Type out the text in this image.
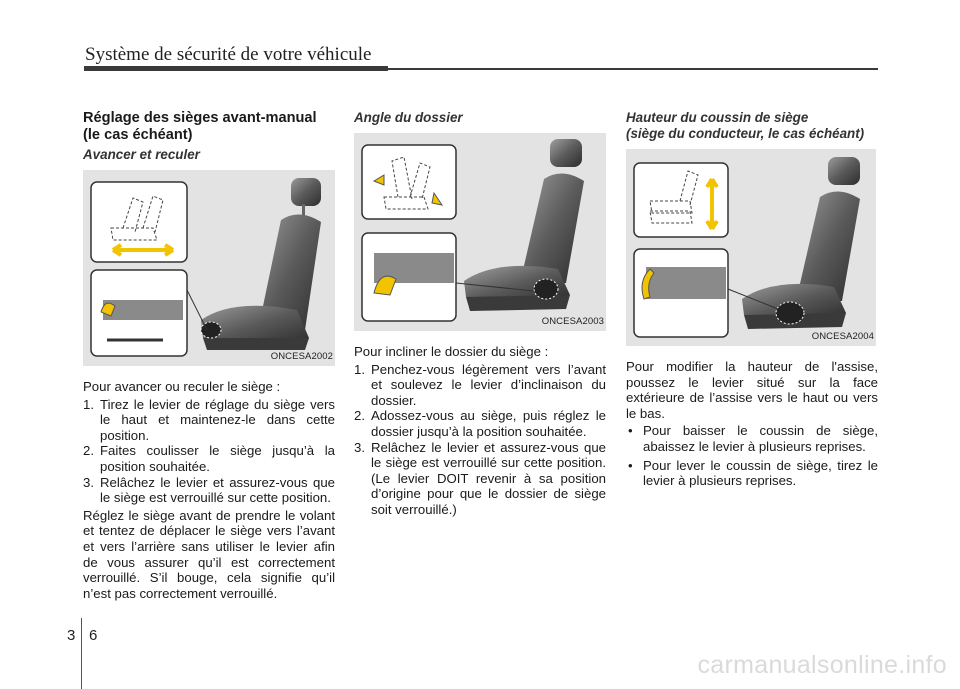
Système de sécurité de votre véhicule
Réglage des sièges avant-manual (le cas échéant)
Avancer et reculer
ONCESA2002

Pour avancer ou reculer le siège :

1. Tirez le levier de réglage du siège vers le haut et maintenez-le dans cette position.
2. Faites coulisser le siège jusqu’à la position souhaitée.
3. Relâchez le levier et assurez-vous que le siège est verrouillé sur cette position.

Réglez le siège avant de prendre le volant et tentez de déplacer le siège vers l’avant et vers l’arrière sans utiliser le levier afin de vous assurer qu’il est correctement verrouillé. S’il bouge, cela signifie qu’il n’est pas correctement verrouillé.

Angle du dossier
ONCESA2003

Pour incliner le dossier du siège :

1. Penchez-vous légèrement vers l’avant et soulevez le levier d’inclinaison du dossier.
2. Adossez-vous au siège, puis réglez le dossier jusqu’à la position souhaitée.
3. Relâchez le levier et assurez-vous que le siège est verrouillé sur cette position. (Le levier DOIT revenir à sa position d’origine pour que le dossier de siège soit verrouillé.)
Hauteur du coussin de siège
(siège du conducteur, le cas échéant)
ONCESA2004

Pour modifier la hauteur de l'assise, poussez le levier situé sur la face extérieure de l’assise vers le haut ou vers le bas.

• Pour baisser le coussin de siège, abaissez le levier à plusieurs reprises.
• Pour lever le coussin de siège, tirez le levier à plusieurs reprises.
3 6
carmanualsonline.info
